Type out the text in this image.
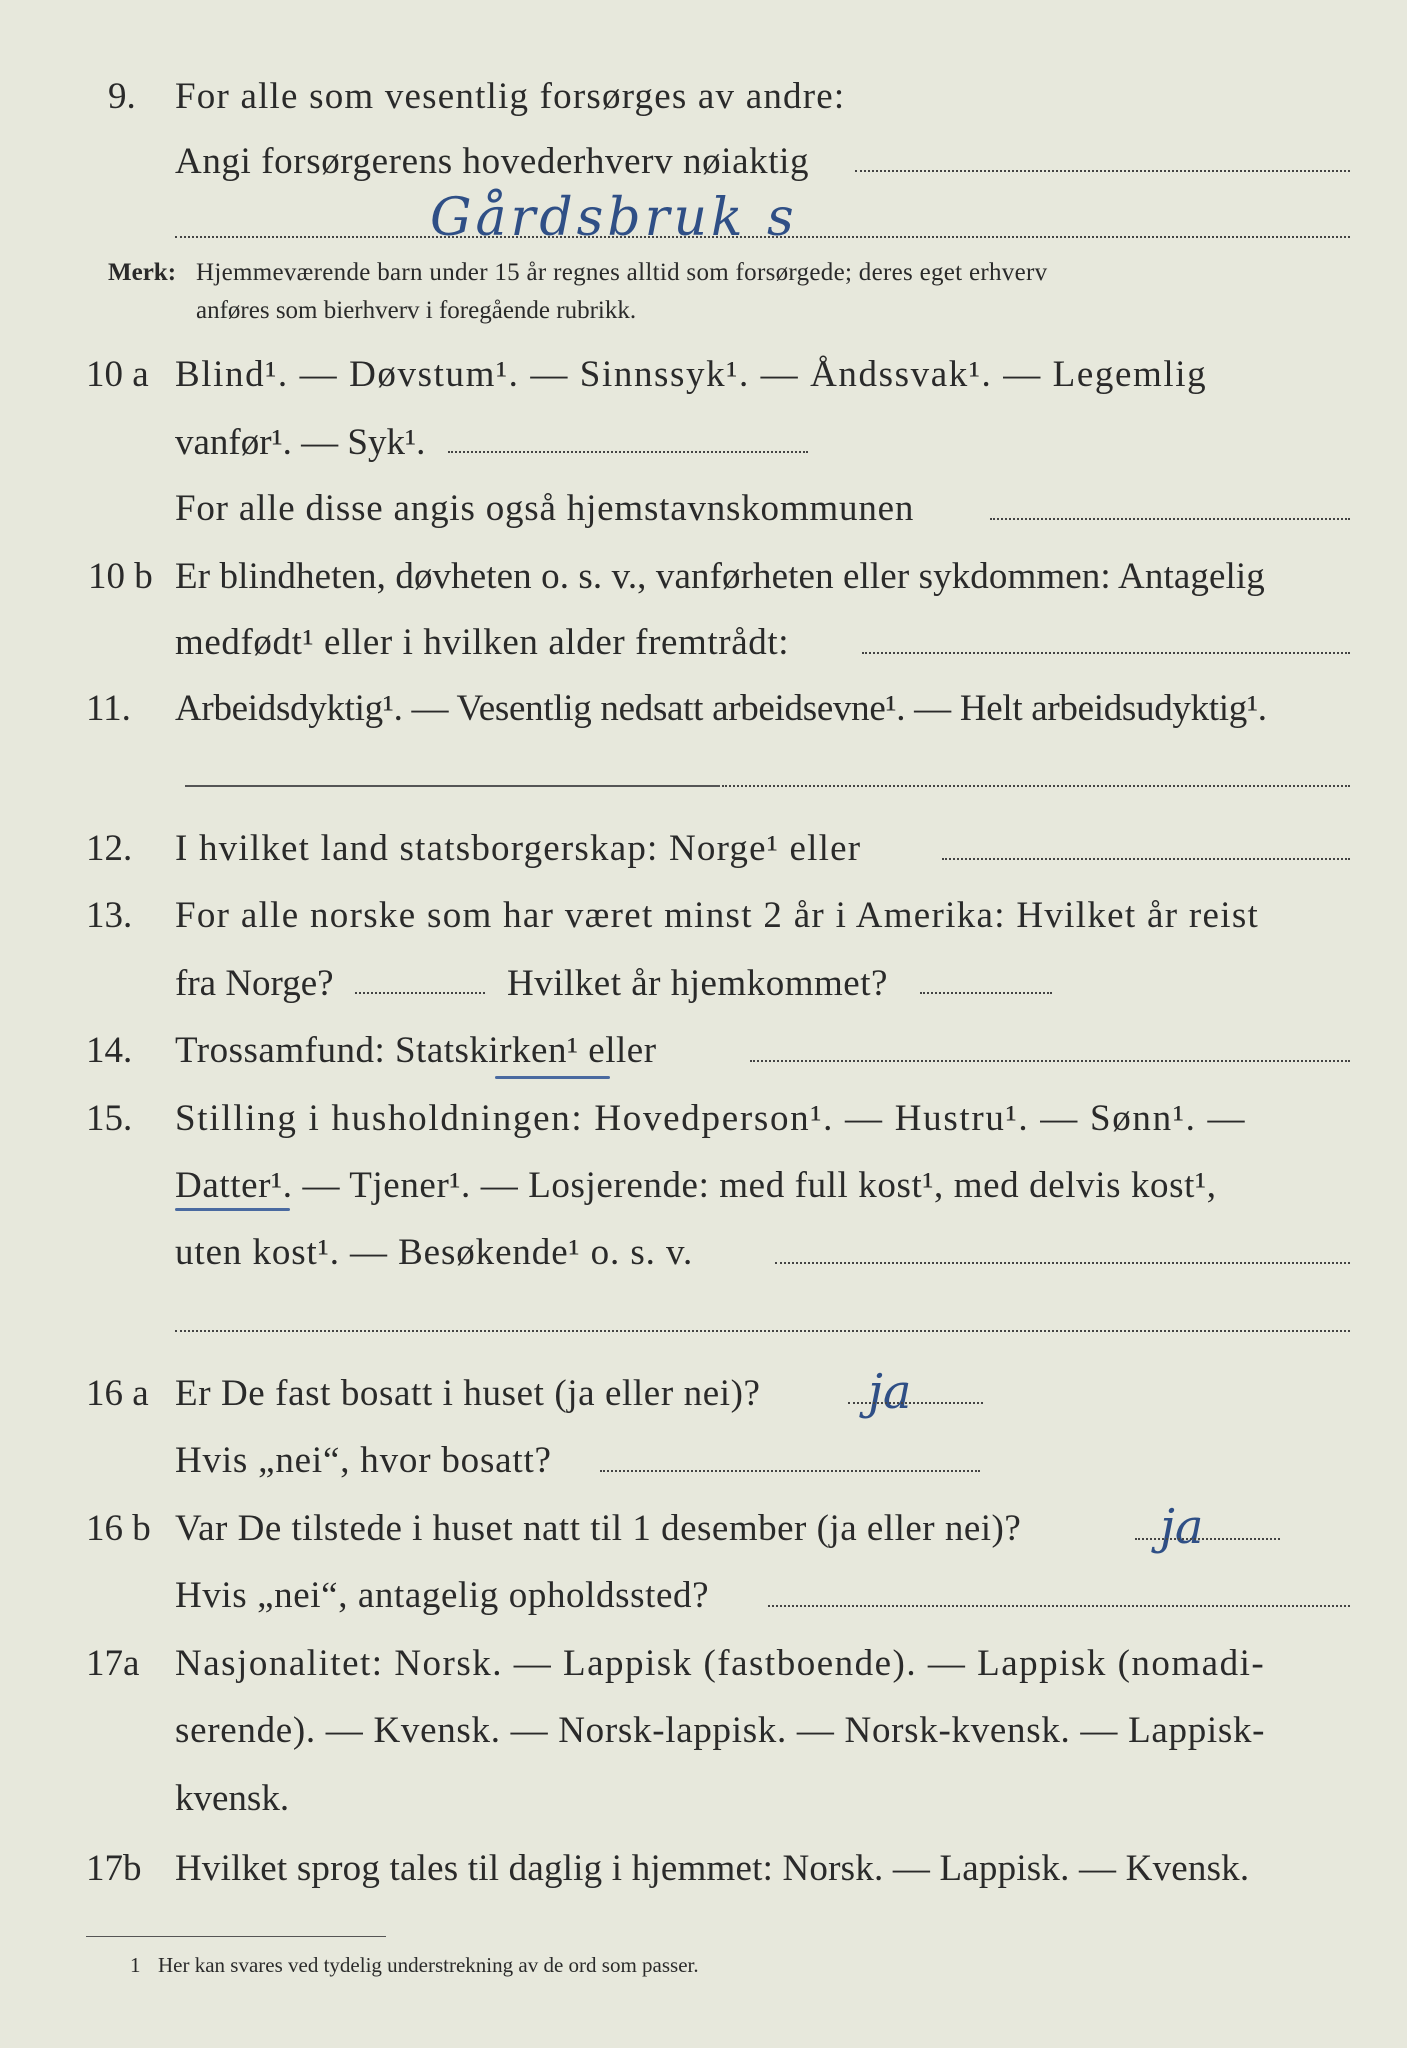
9. For alle som vesentlig forsørges av andre:
Angi forsørgerens hovederhverv nøiaktig
Gårdsbruk s
Merk: Hjemmeværende barn under 15 år regnes alltid som forsørgede; deres eget erhverv
anføres som bierhverv i foregående rubrikk.
10 a Blind¹. — Døvstum¹. — Sinnssyk¹. — Åndssvak¹. — Legemlig
vanfør¹. — Syk¹.
For alle disse angis også hjemstavnskommunen
10 b Er blindheten, døvheten o. s. v., vanførheten eller sykdommen: Antagelig
medfødt¹ eller i hvilken alder fremtrådt:
11. Arbeidsdyktig¹. — Vesentlig nedsatt arbeidsevne¹. — Helt arbeidsudyktig¹.
12. I hvilket land statsborgerskap: Norge¹ eller
13. For alle norske som har været minst 2 år i Amerika: Hvilket år reist
fra Norge?	Hvilket år hjemkommet?
14. Trossamfund: Statskirken¹ eller
15. Stilling i husholdningen: Hovedperson¹. — Hustru¹. — Sønn¹. —
Datter¹. — Tjener¹. — Losjerende: med full kost¹, med delvis kost¹,
uten kost¹. — Besøkende¹ o. s. v.
16 a Er De fast bosatt i huset (ja eller nei)? ja
Hvis „nei“, hvor bosatt?
16 b Var De tilstede i huset natt til 1 desember (ja eller nei)?	ja
Hvis „nei“, antagelig opholdssted?
17a Nasjonalitet: Norsk. — Lappisk (fastboende). — Lappisk (nomadi-
serende). — Kvensk. — Norsk-lappisk. — Norsk-kvensk. — Lappisk-
kvensk.
17b Hvilket sprog tales til daglig i hjemmet: Norsk. — Lappisk. — Kvensk.
1 Her kan svares ved tydelig understrekning av de ord som passer.
